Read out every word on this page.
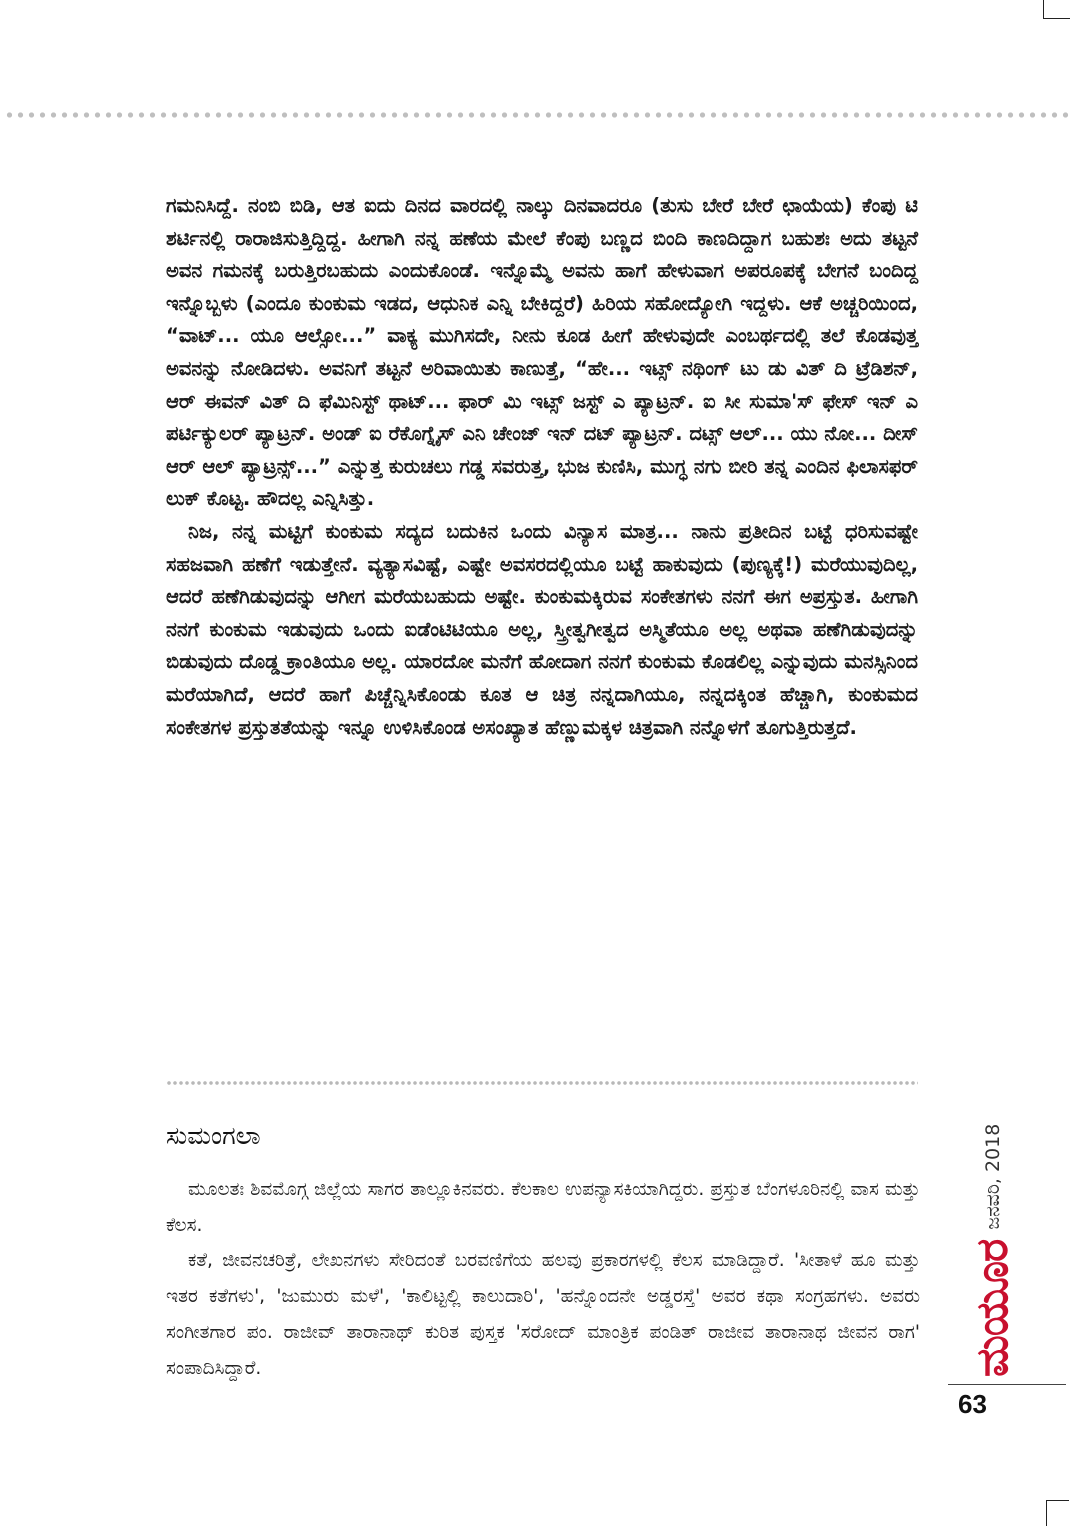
ಗಮನಿಸಿದ್ದೆ. ನಂಬಿ ಬಿಡಿ, ಆತ ಐದು ದಿನದ ವಾರದಲ್ಲಿ ನಾಲ್ಕು ದಿನವಾದರೂ (ತುಸು ಬೇರೆ ಬೇರೆ ಛಾಯೆಯ) ಕೆಂಪು ಟಿ ಶರ್ಟಿನಲ್ಲಿ ರಾರಾಜಿಸುತ್ತಿದ್ದಿದ್ದ. ಹೀಗಾಗಿ ನನ್ನ ಹಣೆಯ ಮೇಲೆ ಕೆಂಪು ಬಣ್ಣದ ಬಿಂದಿ ಕಾಣದಿದ್ದಾಗ ಬಹುಶಃ ಅದು ತಟ್ಟನೆ ಅವನ ಗಮನಕ್ಕೆ ಬರುತ್ತಿರಬಹುದು ಎಂದುಕೊಂಡೆ. ಇನ್ನೊಮ್ಮೆ ಅವನು ಹಾಗೆ ಹೇಳುವಾಗ ಅಪರೂಪಕ್ಕೆ ಬೇಗನೆ ಬಂದಿದ್ದ ಇನ್ನೊಬ್ಬಳು (ಎಂದೂ ಕುಂಕುಮ ಇಡದ, ಆಧುನಿಕ ಎನ್ನಿ ಬೇಕಿದ್ದರೆ) ಹಿರಿಯ ಸಹೋದ್ಯೋಗಿ ಇದ್ದಳು. ಆಕೆ ಅಚ್ಚರಿಯಿಂದ, “ವಾಟ್... ಯೂ ಆಲ್ಸೋ...” ವಾಕ್ಯ ಮುಗಿಸದೇ, ನೀನು ಕೂಡ ಹೀಗೆ ಹೇಳುವುದೇ ಎಂಬರ್ಥದಲ್ಲಿ ತಲೆ ಕೊಡವುತ್ತ ಅವನನ್ನು ನೋಡಿದಳು. ಅವನಿಗೆ ತಟ್ಟನೆ ಅರಿವಾಯಿತು ಕಾಣುತ್ತೆ, “ಹೇ... ಇಟ್ಸ್ ನಥಿಂಗ್ ಟು ಡು ವಿತ್ ದಿ ಟ್ರೆಡಿಶನ್, ಆರ್ ಈವನ್ ವಿತ್ ದಿ ಫೆಮಿನಿಸ್ಟ್ ಥಾಟ್... ಫಾರ್ ಮಿ ಇಟ್ಸ್ ಜಸ್ಟ್ ಎ ಪ್ಯಾಟ್ರನ್. ಐ ಸೀ ಸುಮಾ'ಸ್ ಫೇಸ್ ಇನ್ ಎ ಪರ್ಟಿಕ್ಯುಲರ್ ಪ್ಯಾಟ್ರನ್. ಅಂಡ್ ಐ ರೆಕೊಗ್ನೈಸ್ ಎನಿ ಚೇಂಜ್ ಇನ್ ದಟ್ ಪ್ಯಾಟ್ರನ್. ದಟ್ಸ್ ಆಲ್... ಯು ನೋ... ದೀಸ್ ಆರ್ ಆಲ್ ಪ್ಯಾಟ್ರನ್ಸ್...” ಎನ್ನುತ್ತ ಕುರುಚಲು ಗಡ್ಡ ಸವರುತ್ತ, ಭುಜ ಕುಣಿಸಿ, ಮುಗ್ಧ ನಗು ಬೀರಿ ತನ್ನ ಎಂದಿನ ಫಿಲಾಸಫರ್ ಲುಕ್ ಕೊಟ್ಟ. ಹೌದಲ್ಲ ಎನ್ನಿಸಿತ್ತು.

ನಿಜ, ನನ್ನ ಮಟ್ಟಿಗೆ ಕುಂಕುಮ ಸದ್ಯದ ಬದುಕಿನ ಒಂದು ವಿನ್ಯಾಸ ಮಾತ್ರ... ನಾನು ಪ್ರತೀದಿನ ಬಟ್ಟೆ ಧರಿಸುವಷ್ಟೇ ಸಹಜವಾಗಿ ಹಣೆಗೆ ಇಡುತ್ತೇನೆ. ವ್ಯತ್ಯಾಸವಿಷ್ಟೆ, ಎಷ್ಟೇ ಅವಸರದಲ್ಲಿಯೂ ಬಟ್ಟೆ ಹಾಕುವುದು (ಪುಣ್ಯಕ್ಕೆ!) ಮರೆಯುವುದಿಲ್ಲ, ಆದರೆ ಹಣೆಗಿಡುವುದನ್ನು ಆಗೀಗ ಮರೆಯಬಹುದು ಅಷ್ಟೇ. ಕುಂಕುಮಕ್ಕಿರುವ ಸಂಕೇತಗಳು ನನಗೆ ಈಗ ಅಪ್ರಸ್ತುತ. ಹೀಗಾಗಿ ನನಗೆ ಕುಂಕುಮ ಇಡುವುದು ಒಂದು ಐಡೆಂಟಿಟಿಯೂ ಅಲ್ಲ, ಸ್ತ್ರೀತ್ವಗೀತ್ವದ ಅಸ್ಮಿತೆಯೂ ಅಲ್ಲ ಅಥವಾ ಹಣೆಗಿಡುವುದನ್ನು ಬಿಡುವುದು ದೊಡ್ಡ ಕ್ರಾಂತಿಯೂ ಅಲ್ಲ. ಯಾರದೋ ಮನೆಗೆ ಹೋದಾಗ ನನಗೆ ಕುಂಕುಮ ಕೊಡಲಿಲ್ಲ ಎನ್ನುವುದು ಮನಸ್ಸಿನಿಂದ ಮರೆಯಾಗಿದೆ, ಆದರೆ ಹಾಗೆ ಪಿಚ್ಚೆನ್ನಿಸಿಕೊಂಡು ಕೂತ ಆ ಚಿತ್ರ ನನ್ನದಾಗಿಯೂ, ನನ್ನದಕ್ಕಿಂತ ಹೆಚ್ಚಾಗಿ, ಕುಂಕುಮದ ಸಂಕೇತಗಳ ಪ್ರಸ್ತುತತೆಯನ್ನು ಇನ್ನೂ ಉಳಿಸಿಕೊಂಡ ಅಸಂಖ್ಯಾತ ಹೆಣ್ಣುಮಕ್ಕಳ ಚಿತ್ರವಾಗಿ ನನ್ನೊಳಗೆ ತೂಗುತ್ತಿರುತ್ತದೆ.

ಸುಮಂಗಲಾ

ಮೂಲತಃ ಶಿವಮೊಗ್ಗ ಜಿಲ್ಲೆಯ ಸಾಗರ ತಾಲ್ಲೂಕಿನವರು. ಕೆಲಕಾಲ ಉಪನ್ಯಾಸಕಿಯಾಗಿದ್ದರು. ಪ್ರಸ್ತುತ ಬೆಂಗಳೂರಿನಲ್ಲಿ ವಾಸ ಮತ್ತು ಕೆಲಸ.

ಕತೆ, ಜೀವನಚರಿತ್ರೆ, ಲೇಖನಗಳು ಸೇರಿದಂತೆ ಬರವಣಿಗೆಯ ಹಲವು ಪ್ರಕಾರಗಳಲ್ಲಿ ಕೆಲಸ ಮಾಡಿದ್ದಾರೆ. 'ಸೀತಾಳೆ ಹೂ ಮತ್ತು ಇತರ ಕತೆಗಳು', 'ಜುಮುರು ಮಳೆ', 'ಕಾಲಿಟ್ಟಲ್ಲಿ ಕಾಲುದಾರಿ', 'ಹನ್ನೊಂದನೇ ಅಡ್ಡರಸ್ತೆ' ಅವರ ಕಥಾ ಸಂಗ್ರಹಗಳು. ಅವರು ಸಂಗೀತಗಾರ ಪಂ. ರಾಜೀವ್ ತಾರಾನಾಥ್ ಕುರಿತ ಪುಸ್ತಕ 'ಸರೋದ್ ಮಾಂತ್ರಿಕ ಪಂಡಿತ್ ರಾಜೀವ ತಾರಾನಾಥ ಜೀವನ ರಾಗ' ಸಂಪಾದಿಸಿದ್ದಾರೆ.	ಮಯೂರ
ಜನವರಿ, 2018
63
